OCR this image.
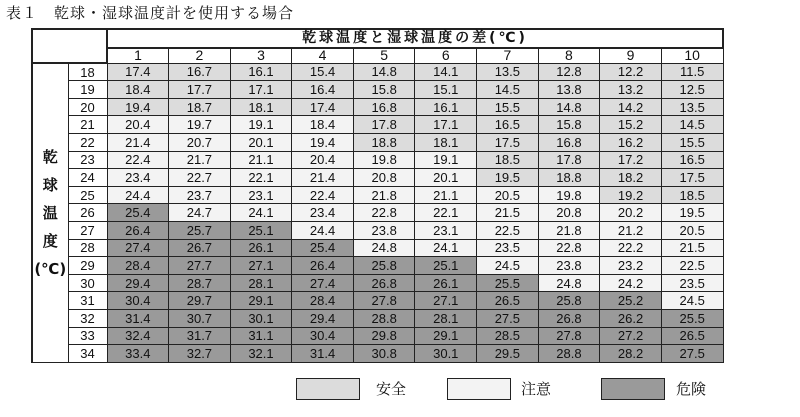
表１　乾球・湿球温度計を使用する場合
		乾球温度と湿球温度の差(℃)									
		1	2	3	4	5	6	7	8	9	10

乾
球
温
度
(℃)	18	17.4	16.7	16.1	15.4	14.8	14.1	13.5	12.8	12.2	11.5
	19	18.4	17.7	17.1	16.4	15.8	15.1	14.5	13.8	13.2	12.5
	20	19.4	18.7	18.1	17.4	16.8	16.1	15.5	14.8	14.2	13.5
	21	20.4	19.7	19.1	18.4	17.8	17.1	16.5	15.8	15.2	14.5
	22	21.4	20.7	20.1	19.4	18.8	18.1	17.5	16.8	16.2	15.5
	23	22.4	21.7	21.1	20.4	19.8	19.1	18.5	17.8	17.2	16.5
	24	23.4	22.7	22.1	21.4	20.8	20.1	19.5	18.8	18.2	17.5
	25	24.4	23.7	23.1	22.4	21.8	21.1	20.5	19.8	19.2	18.5
	26	25.4	24.7	24.1	23.4	22.8	22.1	21.5	20.8	20.2	19.5
	27	26.4	25.7	25.1	24.4	23.8	23.1	22.5	21.8	21.2	20.5
	28	27.4	26.7	26.1	25.4	24.8	24.1	23.5	22.8	22.2	21.5
	29	28.4	27.7	27.1	26.4	25.8	25.1	24.5	23.8	23.2	22.5
	30	29.4	28.7	28.1	27.4	26.8	26.1	25.5	24.8	24.2	23.5
	31	30.4	29.7	29.1	28.4	27.8	27.1	26.5	25.8	25.2	24.5
	32	31.4	30.7	30.1	29.4	28.8	28.1	27.5	26.8	26.2	25.5
	33	32.4	31.7	31.1	30.4	29.8	29.1	28.5	27.8	27.2	26.5
	34	33.4	32.7	32.1	31.4	30.8	30.1	29.5	28.8	28.2	27.5
安全	注意	危険
